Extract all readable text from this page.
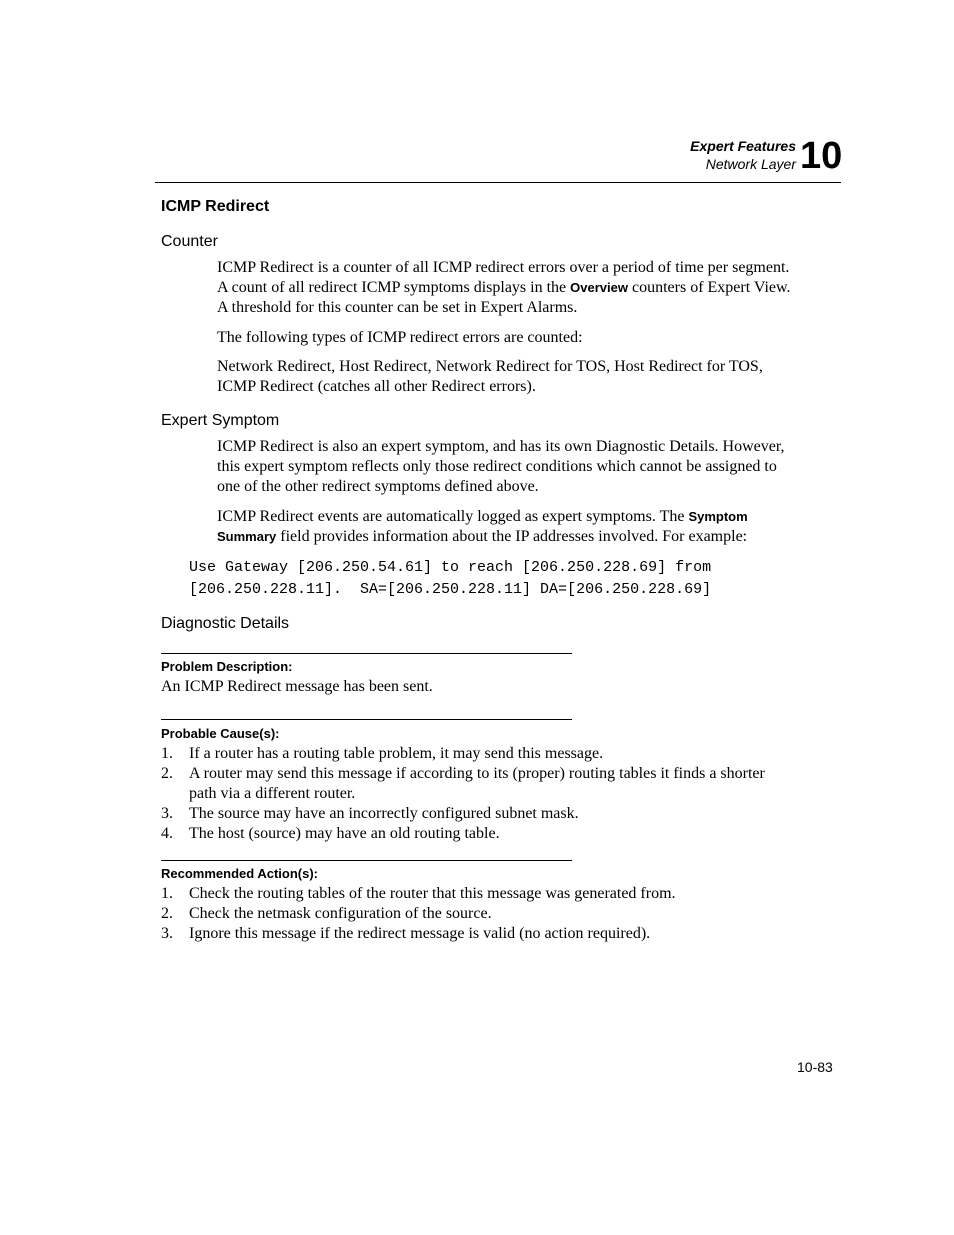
Expert Features
Network Layer 10
ICMP Redirect
Counter
ICMP Redirect is a counter of all ICMP redirect errors over a period of time per segment. A count of all redirect ICMP symptoms displays in the Overview counters of Expert View. A threshold for this counter can be set in Expert Alarms.
The following types of ICMP redirect errors are counted:
Network Redirect, Host Redirect, Network Redirect for TOS, Host Redirect for TOS, ICMP Redirect (catches all other Redirect errors).
Expert Symptom
ICMP Redirect is also an expert symptom, and has its own Diagnostic Details. However, this expert symptom reflects only those redirect conditions which cannot be assigned to one of the other redirect symptoms defined above.
ICMP Redirect events are automatically logged as expert symptoms. The Symptom Summary field provides information about the IP addresses involved. For example:
Use Gateway [206.250.54.61] to reach [206.250.228.69] from
[206.250.228.11].  SA=[206.250.228.11] DA=[206.250.228.69]
Diagnostic Details
Problem Description:
An ICMP Redirect message has been sent.
Probable Cause(s):
1. If a router has a routing table problem, it may send this message.
2. A router may send this message if according to its (proper) routing tables it finds a shorter path via a different router.
3. The source may have an incorrectly configured subnet mask.
4. The host (source) may have an old routing table.
Recommended Action(s):
1. Check the routing tables of the router that this message was generated from.
2. Check the netmask configuration of the source.
3. Ignore this message if the redirect message is valid (no action required).
10-83
